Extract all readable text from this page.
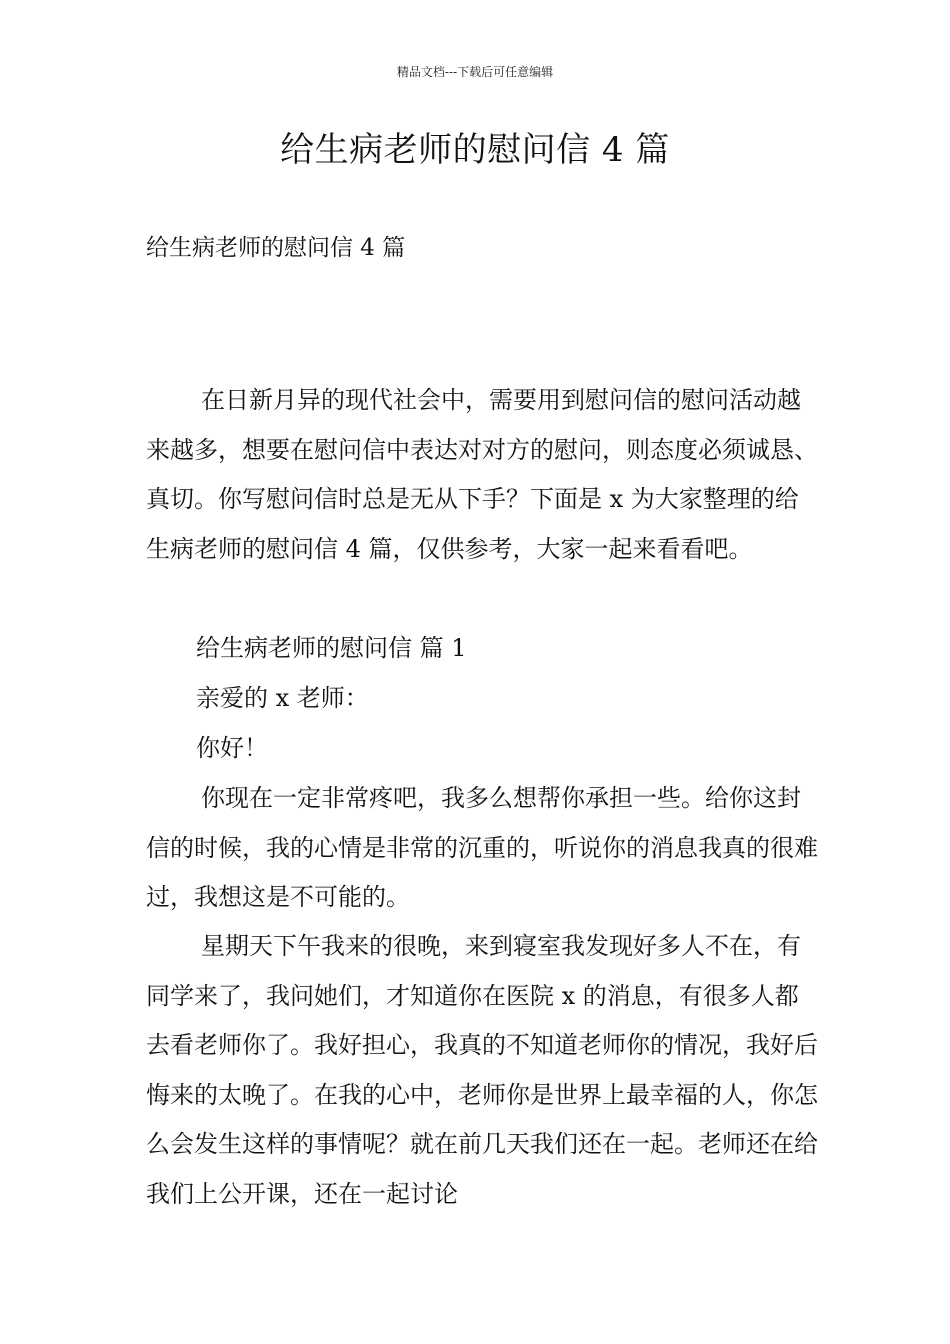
精品文档---下载后可任意编辑
给生病老师的慰问信 4 篇

给生病老师的慰问信 4 篇

在日新月异的现代社会中，需要用到慰问信的慰问活动越来越多，想要在慰问信中表达对对方的慰问，则态度必须诚恳、真切。你写慰问信时总是无从下手？下面是 x 为大家整理的给生病老师的慰问信 4 篇，仅供参考，大家一起来看看吧。

给生病老师的慰问信 篇 1

亲爱的 x 老师：

你好！

你现在一定非常疼吧，我多么想帮你承担一些。给你这封信的时候，我的心情是非常的沉重的，听说你的消息我真的很难过，我想这是不可能的。

星期天下午我来的很晚，来到寝室我发现好多人不在，有同学来了，我问她们，才知道你在医院 x 的消息，有很多人都去看老师你了。我好担心，我真的不知道老师你的情况，我好后悔来的太晚了。在我的心中，老师你是世界上最幸福的人，你怎么会发生这样的事情呢？就在前几天我们还在一起。老师还在给我们上公开课，还在一起讨论
